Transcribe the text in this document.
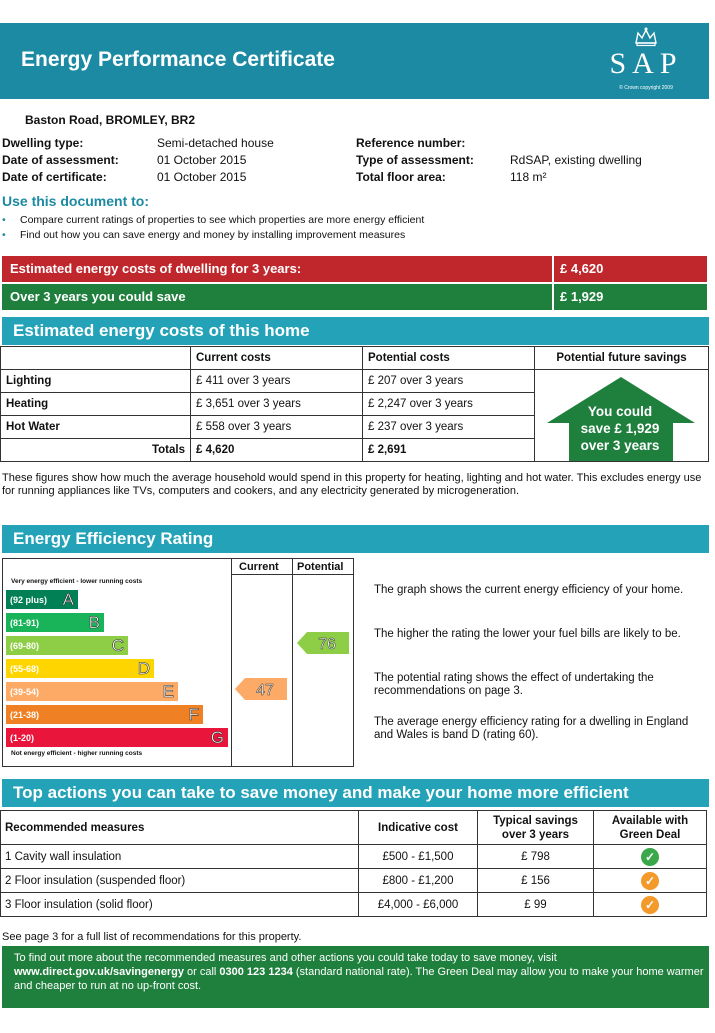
Energy Performance Certificate	SAP
© Crown copyright 2009
Baston Road, BROMLEY, BR2
Dwelling type:	Semi-detached house
Date of assessment:	01 October 2015
Date of certificate:	01 October 2015
Reference number:
Type of assessment:	RdSAP, existing dwelling
Total floor area:	118 m²
Use this document to:
• Compare current ratings of properties to see which properties are more energy efficient
• Find out how you can save energy and money by installing improvement measures
Estimated energy costs of dwelling for 3 years:	£ 4,620
Over 3 years you could save	£ 1,929
Estimated energy costs of this home
	Current costs	Potential costs	Potential future savings
Lighting	£ 411 over 3 years	£ 207 over 3 years	
Heating	£ 3,651 over 3 years	£ 2,247 over 3 years	
Hot Water	£ 558 over 3 years	£ 237 over 3 years	
Totals	£ 4,620	£ 2,691	
You could
save £ 1,929
over 3 years
These figures show how much the average household would spend in this property for heating, lighting and hot water. This excludes energy use for running appliances like TVs, computers and cookers, and any electricity generated by microgeneration.
Energy Efficiency Rating
Current Potential
Very energy efficient - lower running costs
(92 plus) A
(81-91)	B
(69-80)	C
(55-68)	D
(39-54)	E
(21-38)	F
(1-20)	G
Not energy efficient - higher running costs
47
76
The graph shows the current energy efficiency of your home.
The higher the rating the lower your fuel bills are likely to be.
The potential rating shows the effect of undertaking the recommendations on page 3.
The average energy efficiency rating for a dwelling in England and Wales is band D (rating 60).
Top actions you can take to save money and make your home more efficient
Recommended measures	Indicative cost	Typical savings over 3 years	Available with Green Deal
1 Cavity wall insulation	£500 - £1,500	£ 798	✓
2 Floor insulation (suspended floor)	£800 - £1,200	£ 156	✓
3 Floor insulation (solid floor)	£4,000 - £6,000	£ 99	✓
See page 3 for a full list of recommendations for this property.
To find out more about the recommended measures and other actions you could take today to save money, visit www.direct.gov.uk/savingenergy or call 0300 123 1234 (standard national rate). The Green Deal may allow you to make your home warmer and cheaper to run at no up-front cost.
